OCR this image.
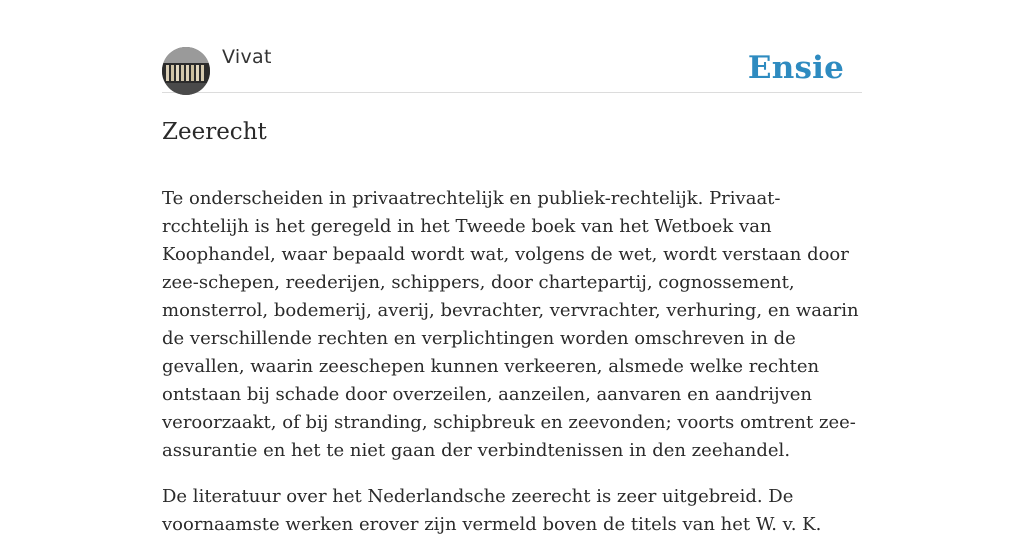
Vivat	Ensie
Zeerecht

Te onderscheiden in privaatrechtelijk en publiek-rechtelijk. Privaat-rcchtelijh is het geregeld in het Tweede boek van het Wetboek van Koophandel, waar bepaald wordt wat, volgens de wet, wordt verstaan door zee-schepen, reederijen, schippers, door chartepartij, cognossement, monsterrol, bodemerij, averij, bevrachter, vervrachter, verhuring, en waarin de verschillende rechten en verplichtingen worden omschreven in de gevallen, waarin zeeschepen kunnen verkeeren, alsmede welke rechten ontstaan bij schade door overzeilen, aanzeilen, aanvaren en aandrijven veroorzaakt, of bij stranding, schipbreuk en zeevonden; voorts omtrent zee-assurantie en het te niet gaan der verbindtenissen in den zeehandel.

De literatuur over het Nederlandsche zeerecht is zeer uitgebreid. De voornaamste werken erover zijn vermeld boven de titels van het W. v. K.
